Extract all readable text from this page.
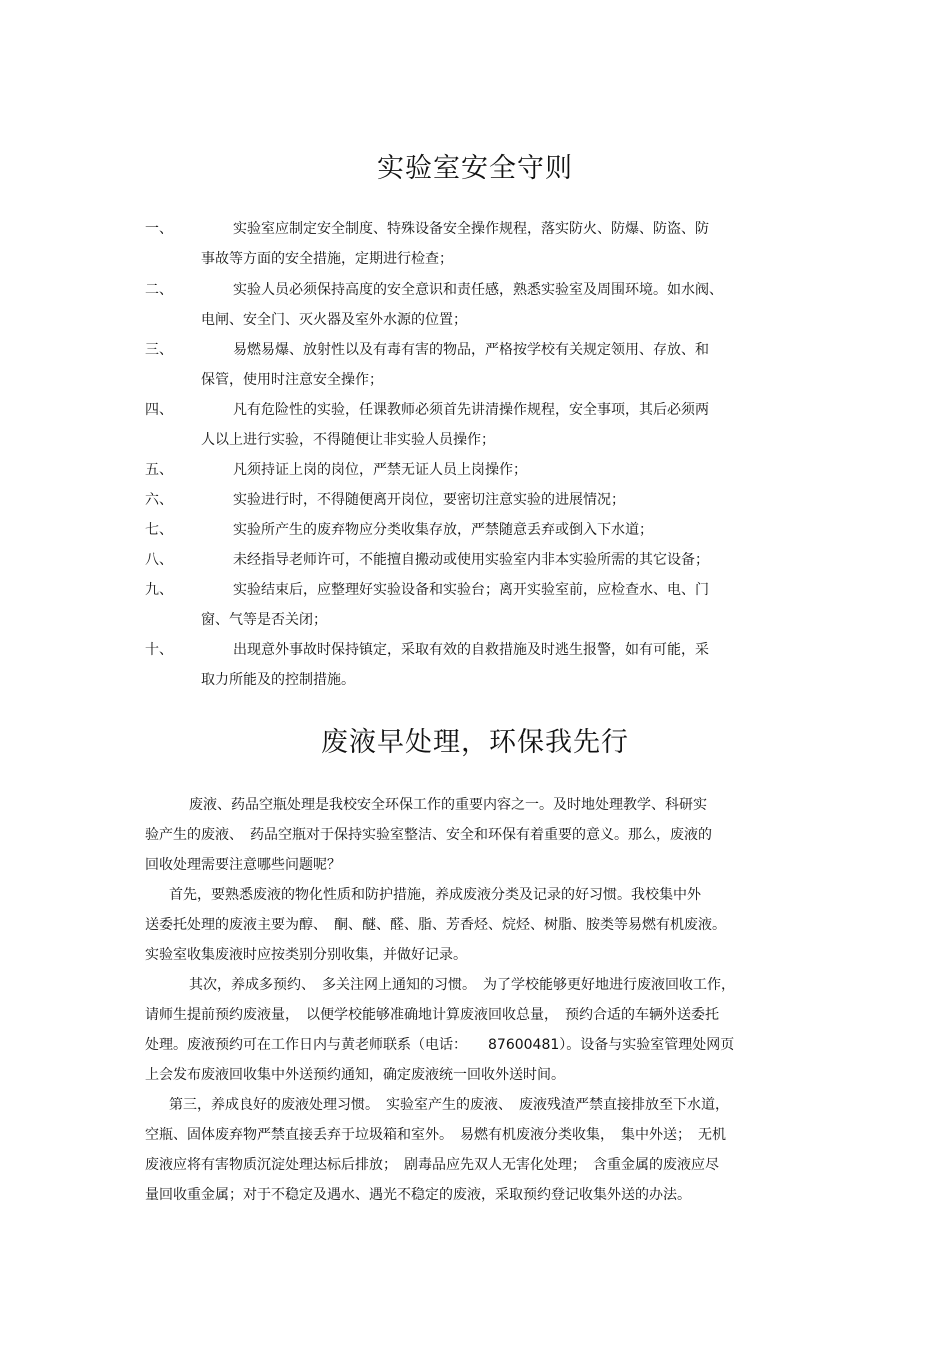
实验室安全守则
一、	实验室应制定安全制度、特殊设备安全操作规程，落实防火、防爆、防盗、防
事故等方面的安全措施，定期进行检查；
二、	实验人员必须保持高度的安全意识和责任感，熟悉实验室及周围环境。如水阀、
电闸、安全门、灭火器及室外水源的位置；
三、	易燃易爆、放射性以及有毒有害的物品，严格按学校有关规定领用、存放、和
保管，使用时注意安全操作；
四、	凡有危险性的实验，任课教师必须首先讲清操作规程，安全事项，其后必须两
人以上进行实验，不得随便让非实验人员操作；
五、	凡须持证上岗的岗位，严禁无证人员上岗操作；
六、	实验进行时，不得随便离开岗位，要密切注意实验的进展情况；
七、	实验所产生的废弃物应分类收集存放，严禁随意丢弃或倒入下水道；
八、	未经指导老师许可，不能擅自搬动或使用实验室内非本实验所需的其它设备；
九、	实验结束后，应整理好实验设备和实验台；离开实验室前，应检查水、电、门
窗、气等是否关闭；
十、	出现意外事故时保持镇定，采取有效的自救措施及时逃生报警，如有可能，采
取力所能及的控制措施。
废液早处理，环保我先行
废液、药品空瓶处理是我校安全环保工作的重要内容之一。及时地处理教学、科研实
验产生的废液、　药品空瓶对于保持实验室整洁、安全和环保有着重要的意义。那么，废液的
回收处理需要注意哪些问题呢？
首先，要熟悉废液的物化性质和防护措施，养成废液分类及记录的好习惯。我校集中外
送委托处理的废液主要为醇、　酮、醚、醛、脂、芳香烃、烷烃、树脂、胺类等易燃有机废液。
实验室收集废液时应按类别分别收集，并做好记录。
其次，养成多预约、　多关注网上通知的习惯。　为了学校能够更好地进行废液回收工作，
请师生提前预约废液量，　以便学校能够准确地计算废液回收总量，　预约合适的车辆外送委托
处理。废液预约可在工作日内与黄老师联系（电话：　　87600481）。设备与实验室管理处网页
上会发布废液回收集中外送预约通知，确定废液统一回收外送时间。
第三，养成良好的废液处理习惯。　实验室产生的废液、　废液残渣严禁直接排放至下水道，
空瓶、固体废弃物严禁直接丢弃于垃圾箱和室外。　易燃有机废液分类收集，　集中外送；　无机
废液应将有害物质沉淀处理达标后排放；　剧毒品应先双人无害化处理；　含重金属的废液应尽
量回收重金属；对于不稳定及遇水、遇光不稳定的废液，采取预约登记收集外送的办法。
